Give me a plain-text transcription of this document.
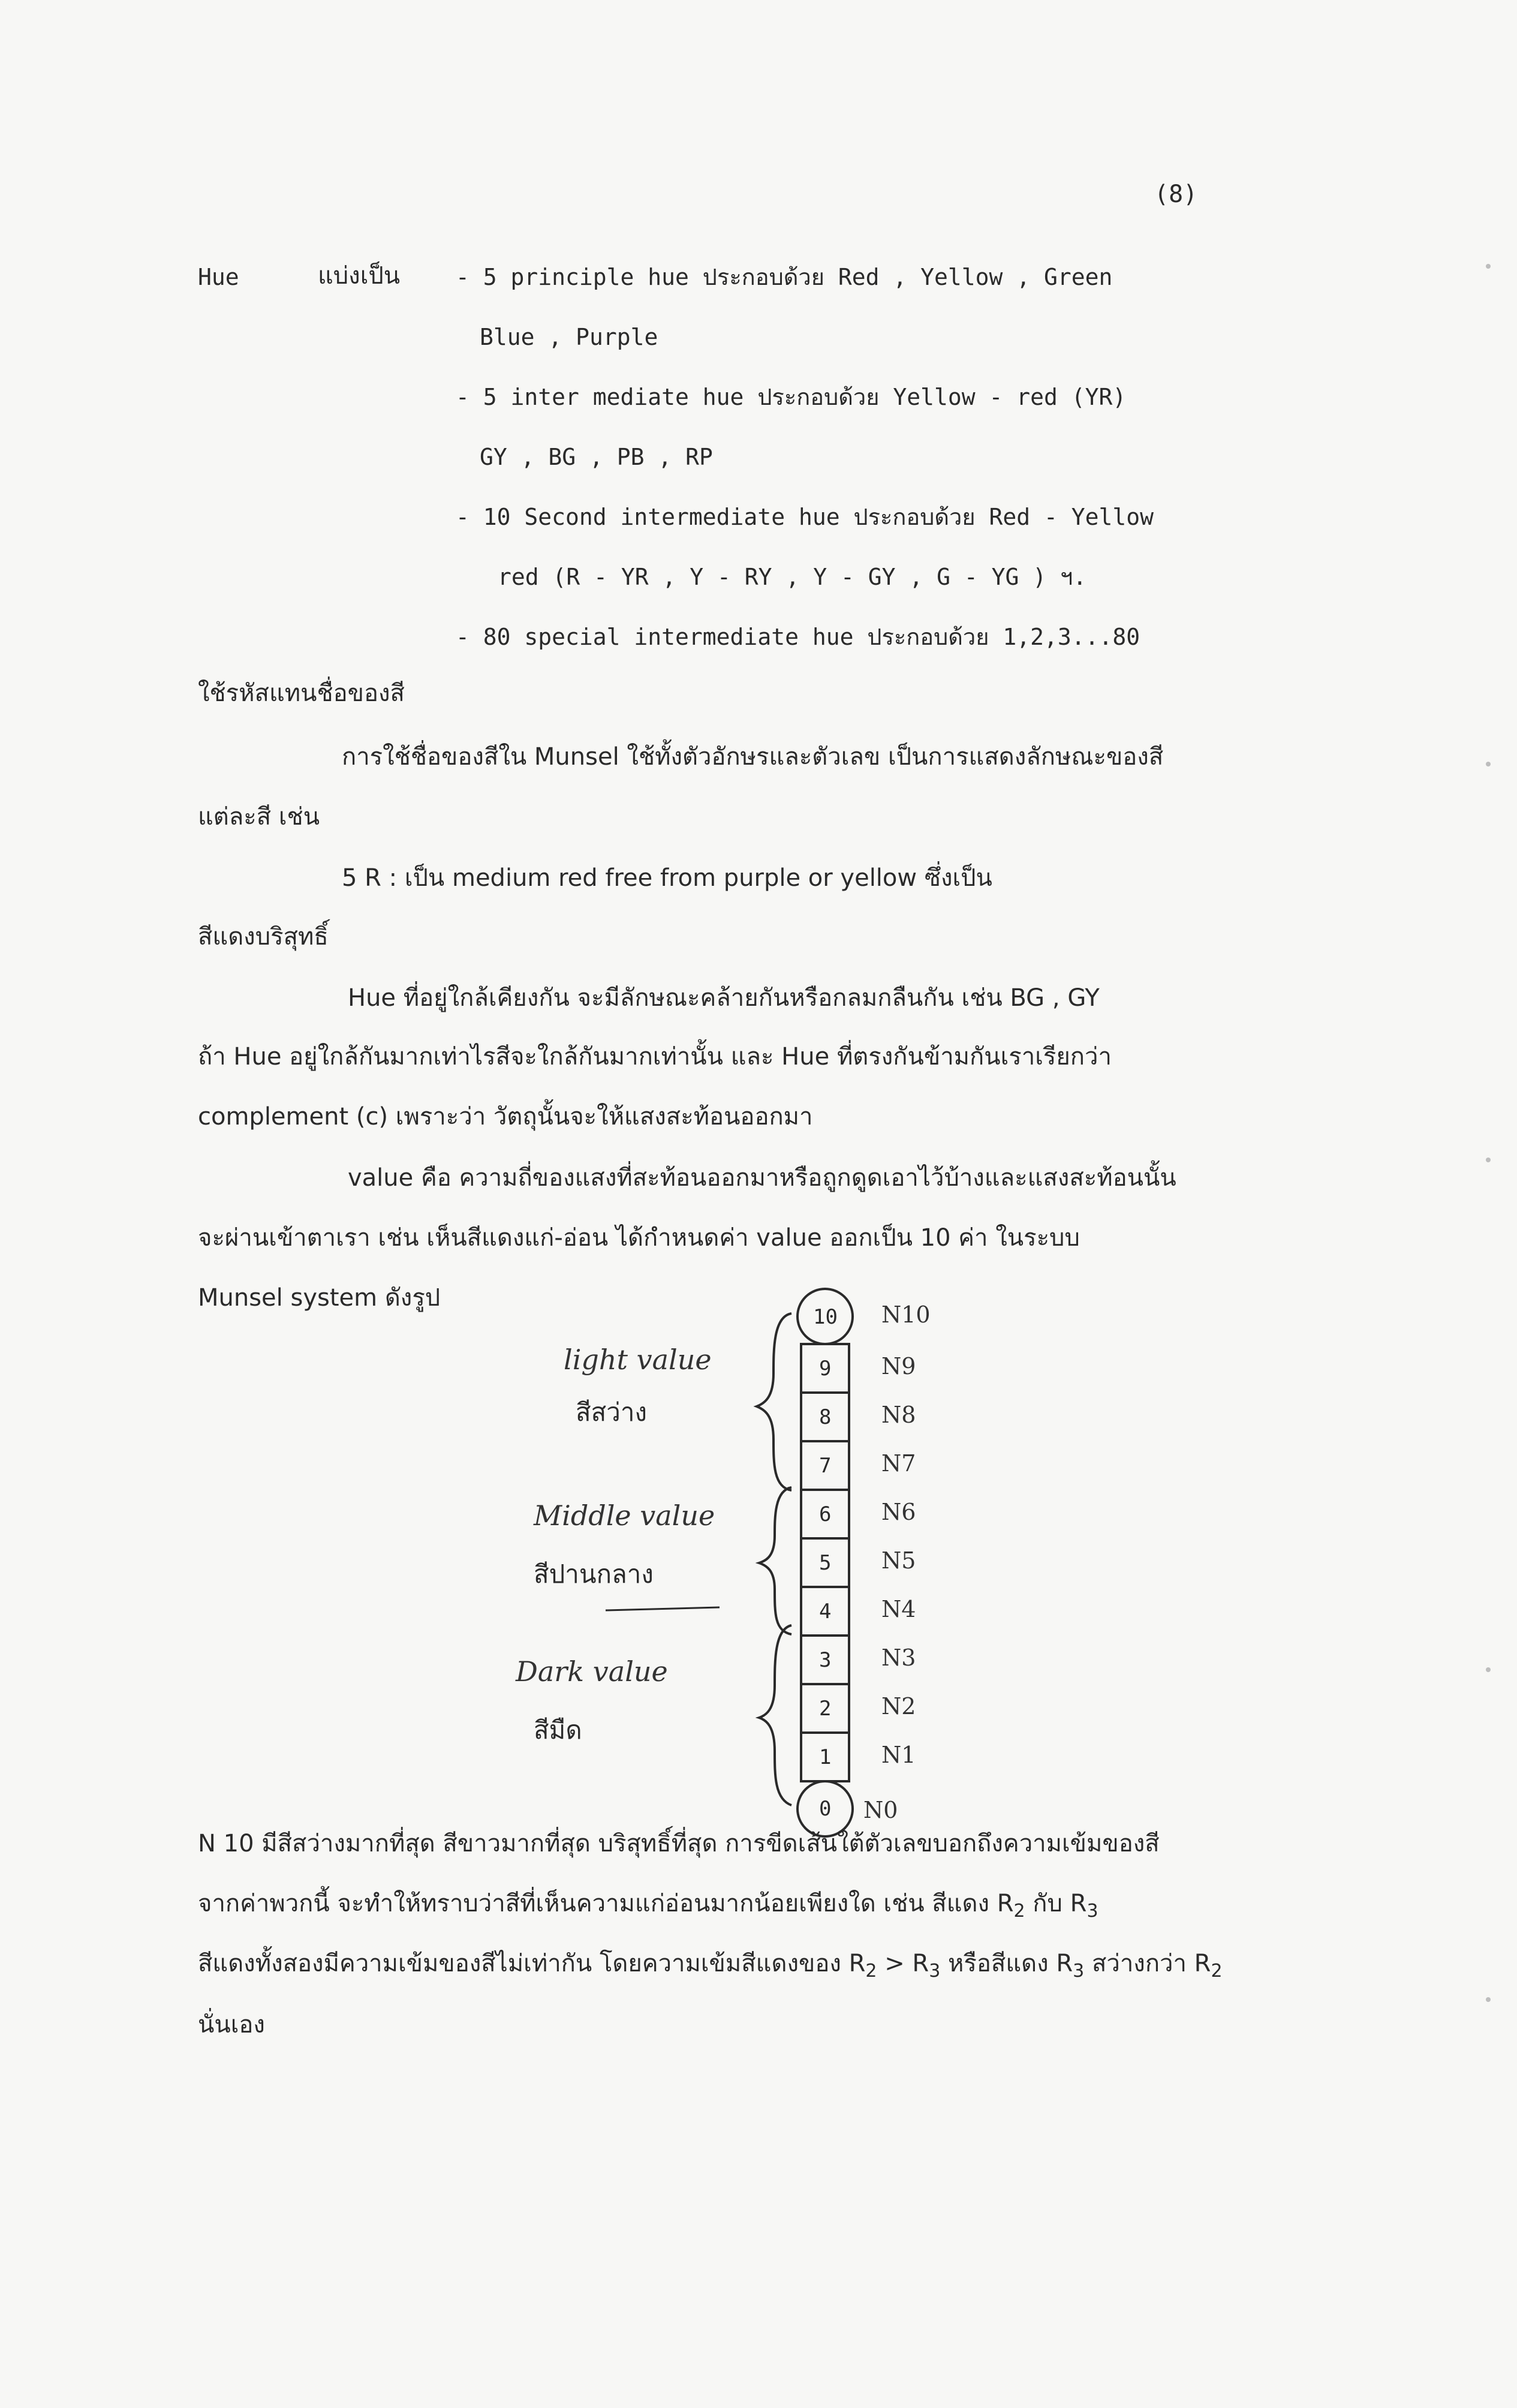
(8)
Hue	แบ่งเป็น - 5 principle hue ประกอบด้วย Red , Yellow , Green
Blue , Purple
- 5 inter mediate hue ประกอบด้วย Yellow - red (YR)
GY , BG , PB , RP
- 10 Second intermediate hue ประกอบด้วย Red - Yellow
red (R - YR , Y - RY , Y - GY , G - YG ) ฯ.
- 80 special intermediate hue ประกอบด้วย 1,2,3...80
ใช้รหัสแทนชื่อของสี
การใช้ชื่อของสีใน Munsel ใช้ทั้งตัวอักษรและตัวเลข เป็นการแสดงลักษณะของสี
แต่ละสี เช่น
5 R : เป็น medium red free from purple or yellow ซึ่งเป็น
สีแดงบริสุทธิ์
Hue ที่อยู่ใกล้เคียงกัน จะมีลักษณะคล้ายกันหรือกลมกลืนกัน เช่น BG , GY
ถ้า Hue อยู่ใกล้กันมากเท่าไรสีจะใกล้กันมากเท่านั้น และ Hue ที่ตรงกันข้ามกันเราเรียกว่า
complement (c) เพราะว่า วัตถุนั้นจะให้แสงสะท้อนออกมา
value คือ ความถี่ของแสงที่สะท้อนออกมาหรือถูกดูดเอาไว้บ้างและแสงสะท้อนนั้น
จะผ่านเข้าตาเรา เช่น เห็นสีแดงแก่-อ่อน ได้กำหนดค่า value ออกเป็น 10 ค่า ในระบบ
Munsel system ดังรูป
10
9
8
7
6
5
4
3
2
1
0
N10
N9
N8
N7
N6
N5
N4
N3
N2
N1
N0
light value
สีสว่าง
Middle value
สีปานกลาง
Dark value
สีมืด
N 10 มีสีสว่างมากที่สุด สีขาวมากที่สุด บริสุทธิ์ที่สุด การขีดเส้นใต้ตัวเลขบอกถึงความเข้มของสี
จากค่าพวกนี้ จะทำให้ทราบว่าสีที่เห็นความแก่อ่อนมากน้อยเพียงใด เช่น สีแดง $R_2$ กับ $R_3$
สีแดงทั้งสองมีความเข้มของสีไม่เท่ากัน โดยความเข้มสีแดงของ $R_2 > R_3$ หรือสีแดง $R_3$ สว่างกว่า $R_2$
นั่นเอง
